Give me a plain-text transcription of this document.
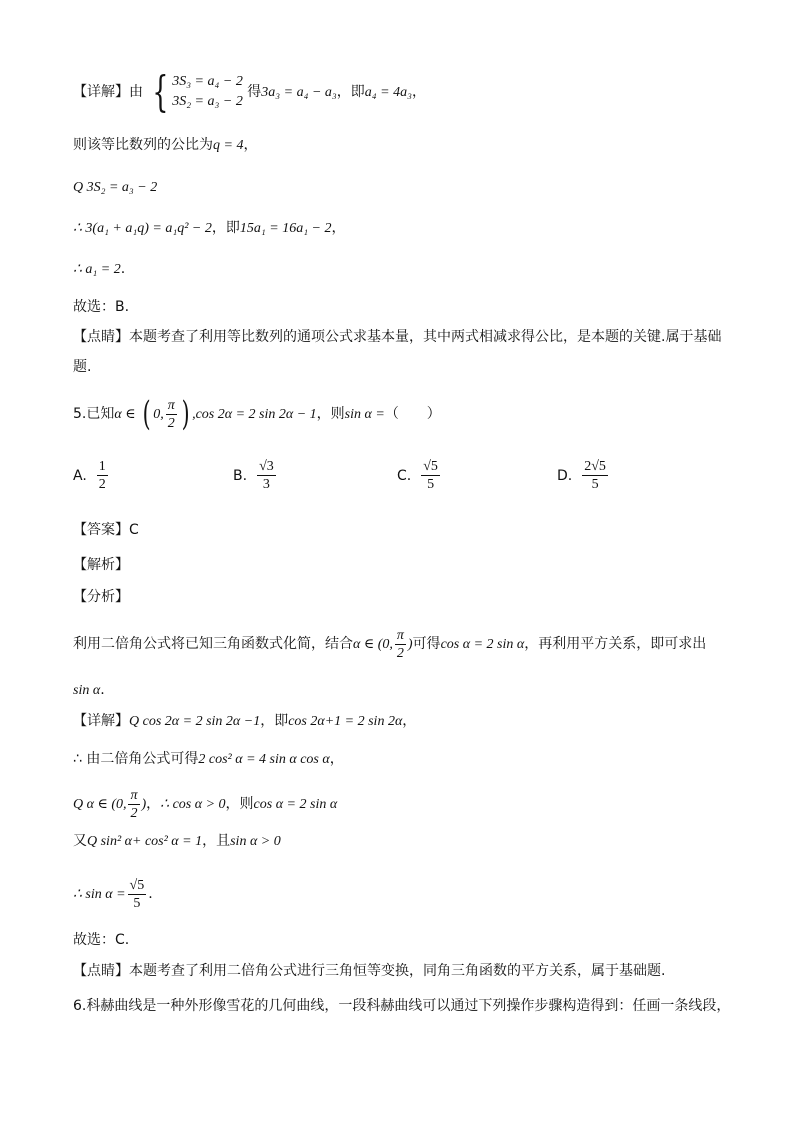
【详解】由 { 3S₃ = a₄ − 2
3S₂ = a₃ − 2
得3a₃ = a₄ − a₃，即a₄ = 4a₃，
则该等比数列的公比为q = 4，
Q 3S₂ = a₃ − 2
∴ 3(a₁ + a₁q) = a₁q² − 2，即15a₁ = 16a₁ − 2，
∴ a₁ = 2.
故选：B.
【点睛】本题考查了利用等比数列的通项公式求基本量，其中两式相减求得公比，是本题的关键.属于基础
题.
5.已知α ∈ ( 0, $\frac{\pi}{2}$ ) ,cos 2α = 2 sin 2α − 1，则sin α =（　　）
A. $\frac{1}{2}$	B. $\frac{√3}{3}$	C. $\frac{√5}{5}$	D. $\frac{2√5}{5}$
【答案】C
【解析】
【分析】
利用二倍角公式将已知三角函数式化简，结合α ∈ (0, $\frac{\pi}{2}$ )可得cos α = 2 sin α，再利用平方关系，即可求出
sin α.
【详解】Q cos 2α = 2 sin 2α −1，即cos 2α+1 = 2 sin 2α，
∴ 由二倍角公式可得2 cos² α = 4 sin α cos α，
Q α ∈ (0, $\frac{\pi}{2}$ )，∴ cos α > 0，则cos α = 2 sin α
又Q sin² α+ cos² α = 1，且sin α > 0
∴ $\sin \alpha = \frac{√5}{5}$ .
故选：C.
【点睛】本题考查了利用二倍角公式进行三角恒等变换，同角三角函数的平方关系，属于基础题.
6.科赫曲线是一种外形像雪花的几何曲线，一段科赫曲线可以通过下列操作步骤构造得到：任画一条线段，
